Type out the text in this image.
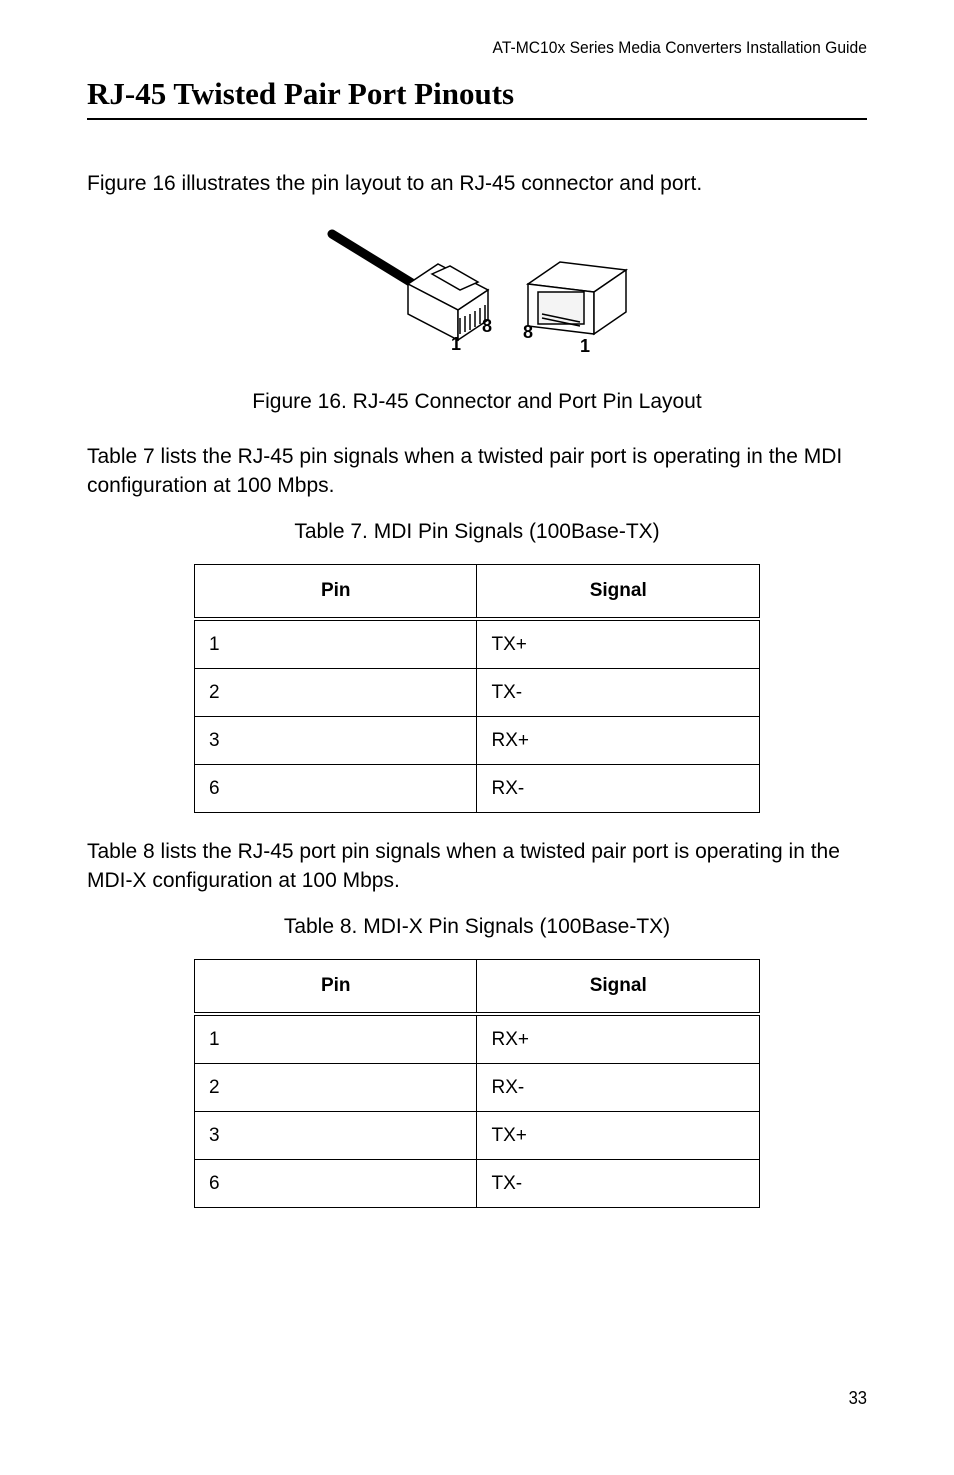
AT-MC10x Series Media Converters Installation Guide
RJ-45 Twisted Pair Port Pinouts

Figure 16 illustrates the pin layout to an RJ-45 connector and port.

1
8 8
1

Figure 16. RJ-45 Connector and Port Pin Layout

Table 7 lists the RJ-45 pin signals when a twisted pair port is operating in the MDI configuration at 100 Mbps.

Table 7. MDI Pin Signals (100Base-TX)

Pin	Signal
1	TX+
2	TX-
3	RX+
6	RX-

Table 8 lists the RJ-45 port pin signals when a twisted pair port is operating in the MDI-X configuration at 100 Mbps.

Table 8. MDI-X Pin Signals (100Base-TX)

Pin	Signal
1	RX+
2	RX-
3	TX+
6	TX-
33
